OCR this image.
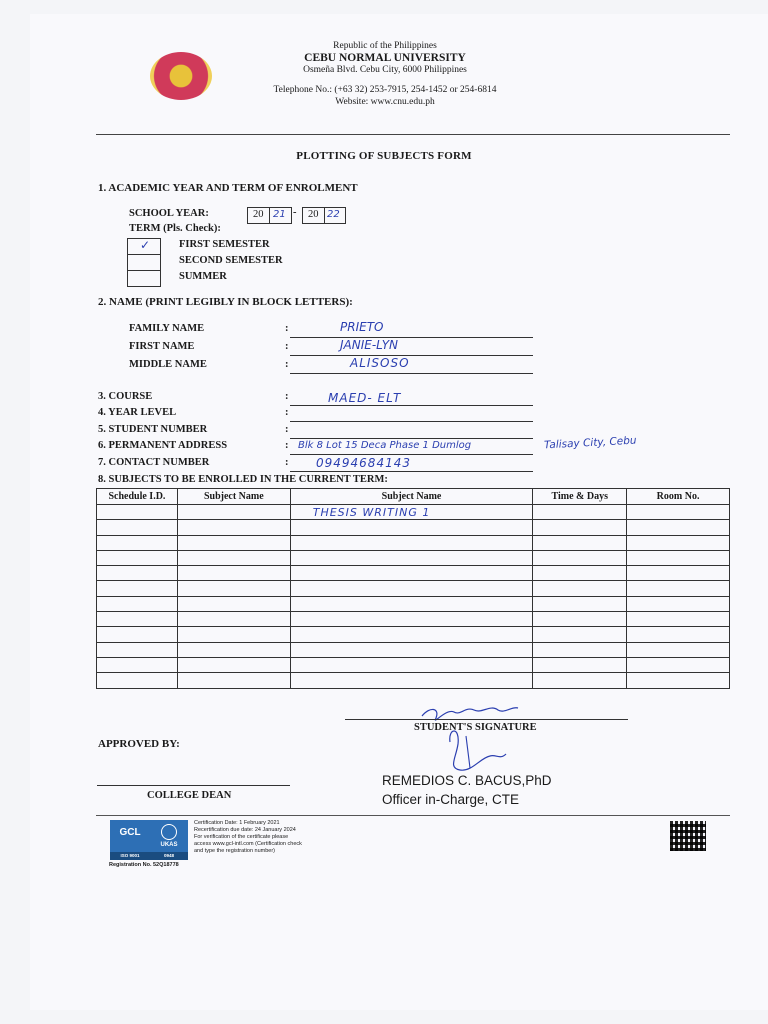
Republic of the Philippines
CEBU NORMAL UNIVERSITY
Osmeña Blvd. Cebu City, 6000 Philippines
Telephone No.: (+63 32) 253-7915, 254-1452 or 254-6814
Website: www.cnu.edu.ph
PLOTTING OF SUBJECTS FORM
1. ACADEMIC YEAR AND TERM OF ENROLMENT
SCHOOL YEAR:	20 21 - 20 22
TERM (Pls. Check):
✓	FIRST SEMESTER
SECOND SEMESTER
SUMMER
2. NAME (PRINT LEGIBLY IN BLOCK LETTERS):
FAMILY NAME	:	PRIETO
FIRST NAME	:	JANIE-LYN
MIDDLE NAME	:	ALISOSO
3. COURSE	:	MAED- ELT
4. YEAR LEVEL	:
5. STUDENT NUMBER	:
6. PERMANENT ADDRESS	: Blk 8 Lot 15 Deca Phase 1 Dumlog	Talisay City, Cebu
7. CONTACT NUMBER	: 09494684143
8. SUBJECTS TO BE ENROLLED IN THE CURRENT TERM:
Schedule I.D.	Subject Name	Subject Name	Time & Days	Room No.
		THESIS WRITING 1		

STUDENT'S SIGNATURE
APPROVED BY:
COLLEGE DEAN
REMEDIOS C. BACUS,PhD
Officer in-Charge, CTE
GCL
ISO 9001
UKAS
0948
Registration No. 52Q18778
Certification Date: 1 February 2021
Recertification due date: 24 January 2024
For verification of the certificate please
access www.gcl-intl.com (Certification check
and type the registration number)
